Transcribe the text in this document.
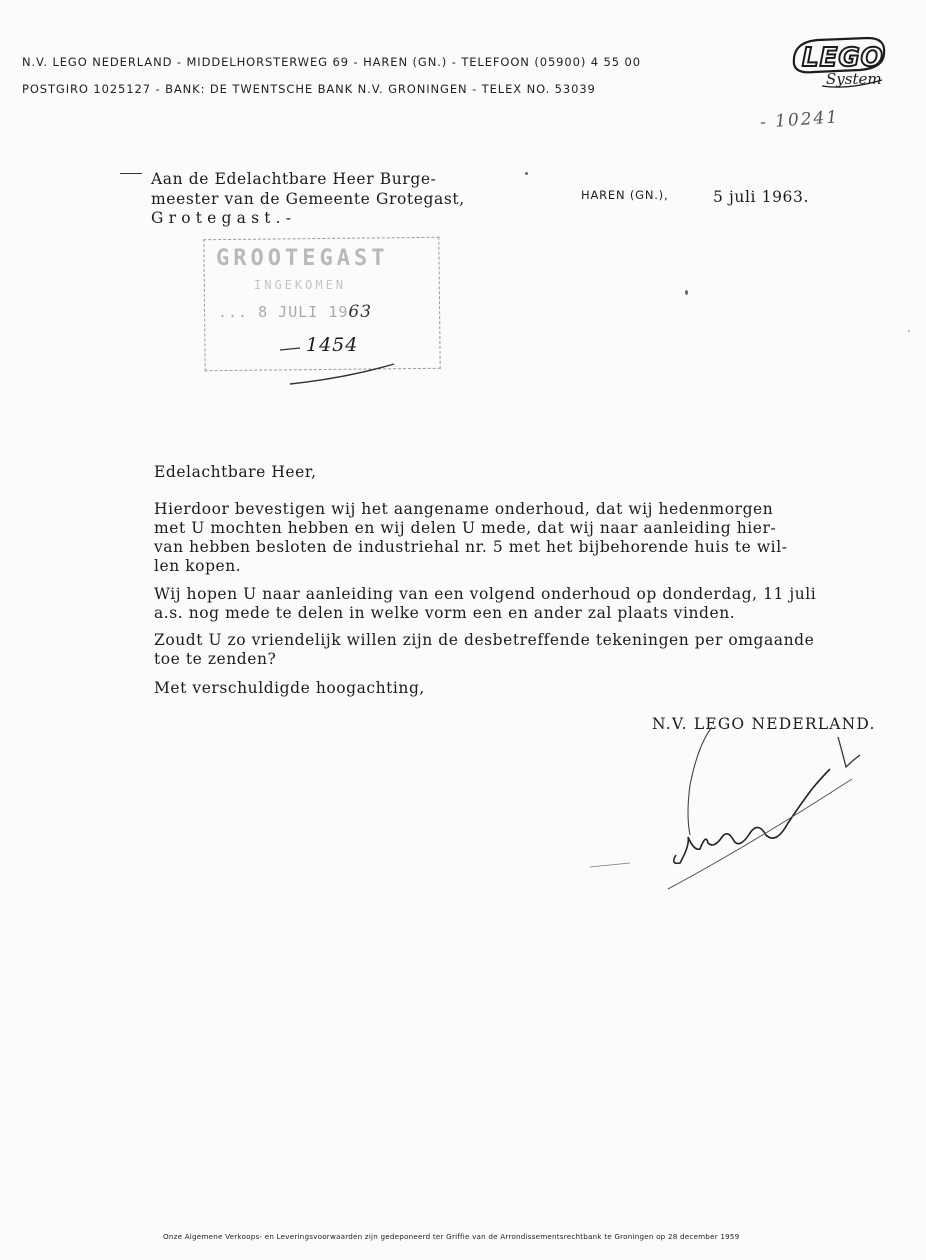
N.V. LEGO NEDERLAND - MIDDELHORSTERWEG 69 - HAREN (GN.) - TELEFOON (05900) 4 55 00
POSTGIRO 1025127 - BANK: DE TWENTSCHE BANK N.V. GRONINGEN - TELEX NO. 53039
LEGO
System
- 10241
Aan de Edelachtbare Heer Burge-
meester van de Gemeente Grotegast,
Grotegast.-
HAREN (GN.),	5 juli 1963.
GROOTEGAST
INGEKOMEN
... 8 JULI 1963
1454
Edelachtbare Heer,
Hierdoor bevestigen wij het aangename onderhoud, dat wij hedenmorgen
met U mochten hebben en wij delen U mede, dat wij naar aanleiding hier-
van hebben besloten de industriehal nr. 5 met het bijbehorende huis te wil-
len kopen.
Wij hopen U naar aanleiding van een volgend onderhoud op donderdag, 11 juli
a.s. nog mede te delen in welke vorm een en ander zal plaats vinden.
Zoudt U zo vriendelijk willen zijn de desbetreffende tekeningen per omgaande
toe te zenden?
Met verschuldigde hoogachting,
N.V. LEGO NEDERLAND.
Onze Algemene Verkoops- en Leveringsvoorwaarden zijn gedeponeerd ter Griffie van de Arrondissementsrechtbank te Groningen op 28 december 1959
